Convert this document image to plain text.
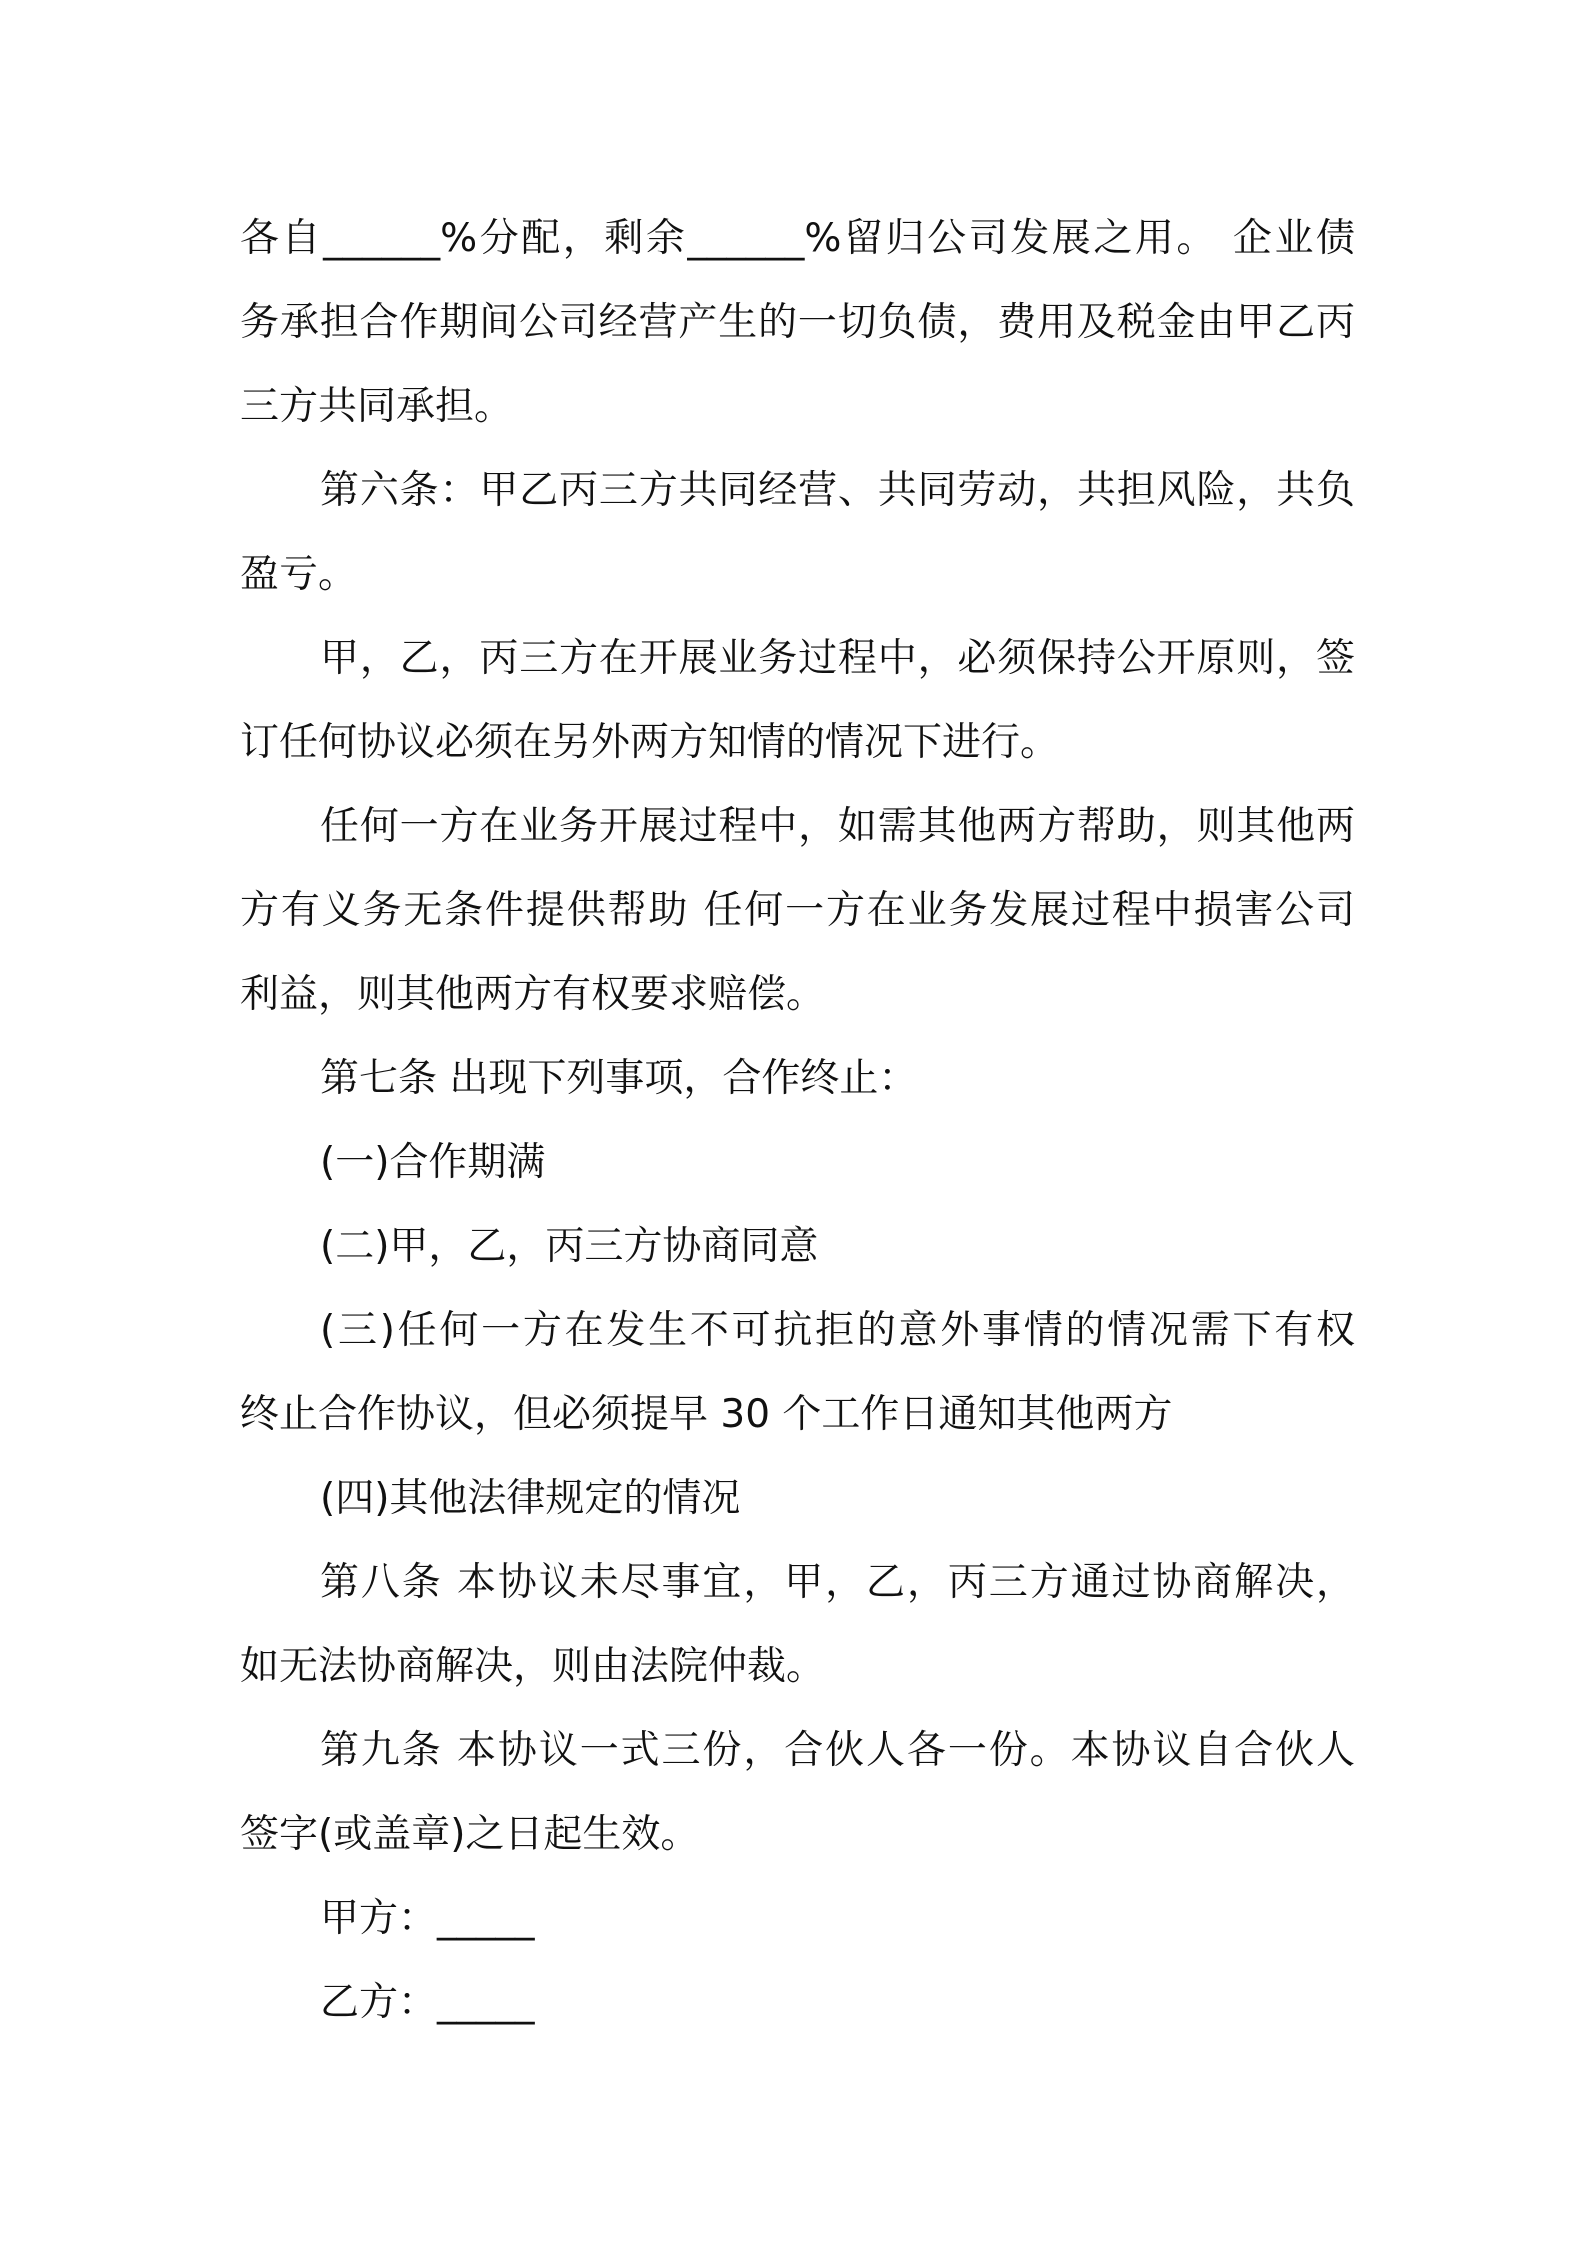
各自______%分配，剩余______%留归公司发展之用。 企业债
务承担合作期间公司经营产生的一切负债，费用及税金由甲乙丙
三方共同承担。
第六条：甲乙丙三方共同经营、共同劳动，共担风险，共负
盈亏。
甲，乙，丙三方在开展业务过程中，必须保持公开原则，签
订任何协议必须在另外两方知情的情况下进行。
任何一方在业务开展过程中，如需其他两方帮助，则其他两
方有义务无条件提供帮助 任何一方在业务发展过程中损害公司
利益，则其他两方有权要求赔偿。
第七条 出现下列事项，合作终止：
(一)合作期满
(二)甲，乙，丙三方协商同意
(三)任何一方在发生不可抗拒的意外事情的情况需下有权
终止合作协议，但必须提早 30 个工作日通知其他两方
(四)其他法律规定的情况
第八条 本协议未尽事宜，甲，乙，丙三方通过协商解决，
如无法协商解决，则由法院仲裁。
第九条 本协议一式三份，合伙人各一份。本协议自合伙人
签字(或盖章)之日起生效。
甲方：_____
乙方：_____
